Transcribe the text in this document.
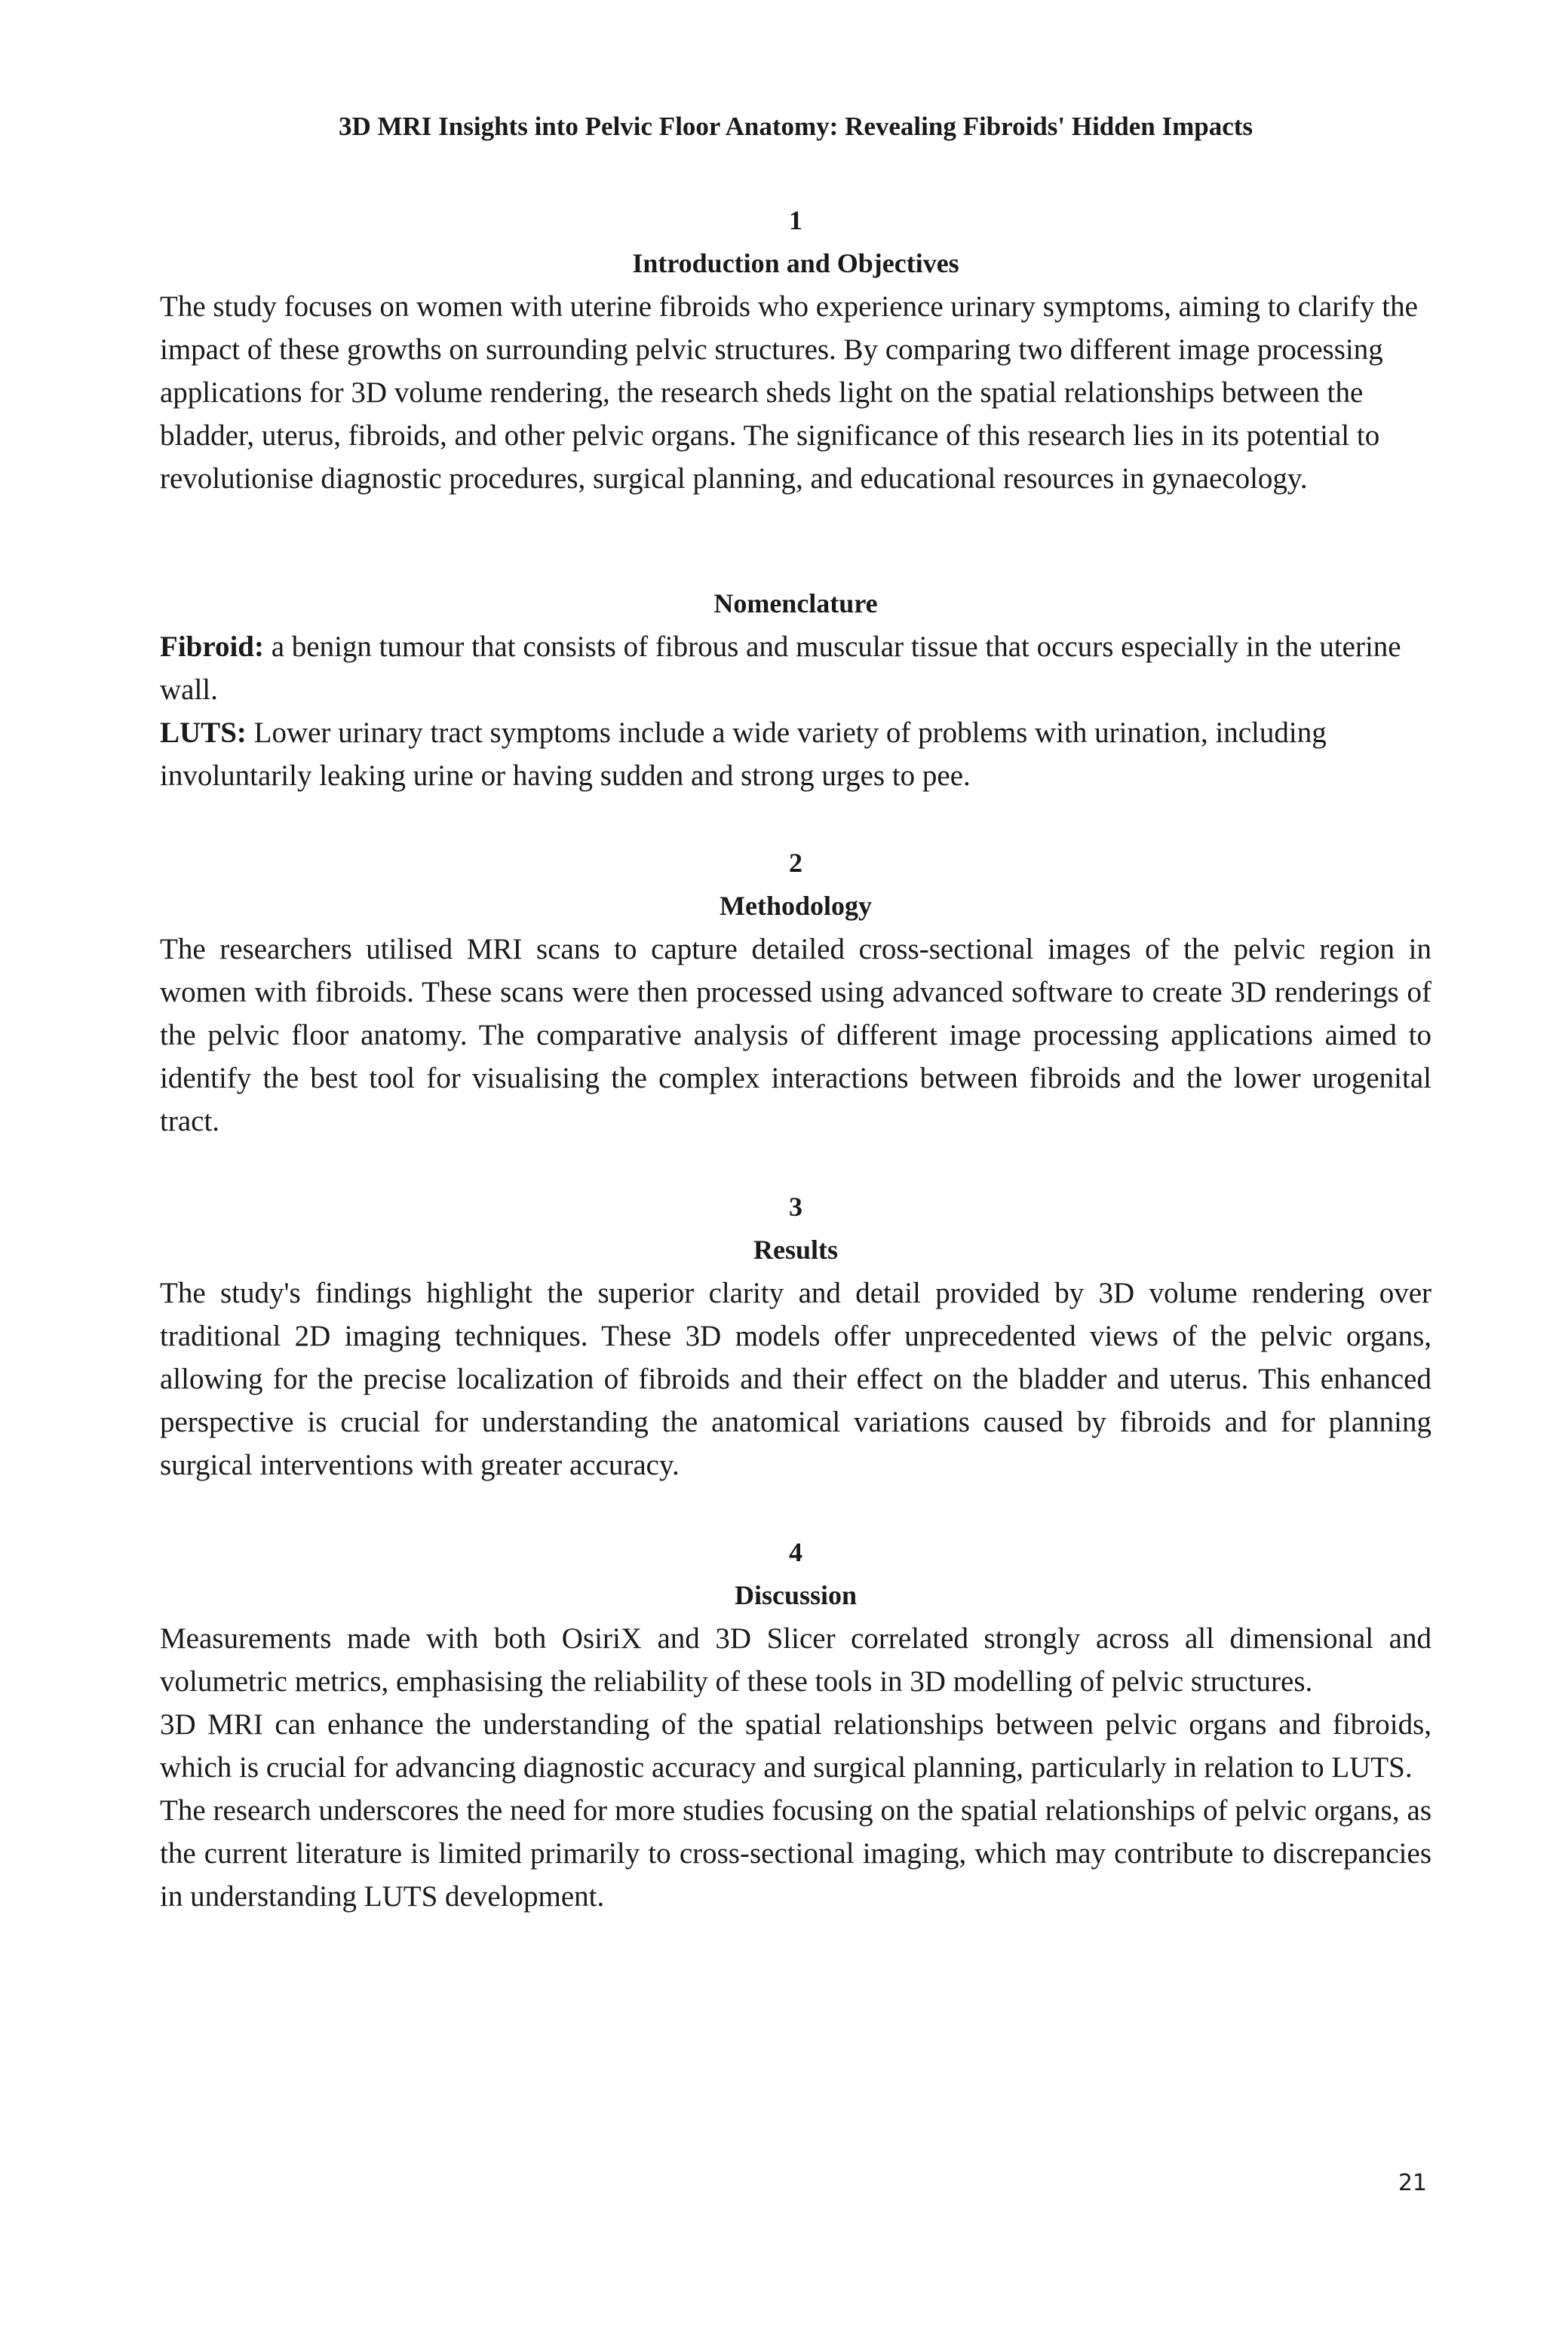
3D MRI Insights into Pelvic Floor Anatomy: Revealing Fibroids' Hidden Impacts

1

Introduction and Objectives

The study focuses on women with uterine fibroids who experience urinary symptoms, aiming to clarify the impact of these growths on surrounding pelvic structures. By comparing two different image processing applications for 3D volume rendering, the research sheds light on the spatial relationships between the bladder, uterus, fibroids, and other pelvic organs. The significance of this research lies in its potential to revolutionise diagnostic procedures, surgical planning, and educational resources in gynaecology.

Nomenclature

Fibroid: a benign tumour that consists of fibrous and muscular tissue that occurs especially in the uterine wall.

LUTS: Lower urinary tract symptoms include a wide variety of problems with urination, including involuntarily leaking urine or having sudden and strong urges to pee.

2

Methodology

The researchers utilised MRI scans to capture detailed cross-sectional images of the pelvic region in women with fibroids. These scans were then processed using advanced software to create 3D renderings of the pelvic floor anatomy. The comparative analysis of different image processing applications aimed to identify the best tool for visualising the complex interactions between fibroids and the lower urogenital tract.

3

Results

The study's findings highlight the superior clarity and detail provided by 3D volume rendering over traditional 2D imaging techniques. These 3D models offer unprecedented views of the pelvic organs, allowing for the precise localization of fibroids and their effect on the bladder and uterus. This enhanced perspective is crucial for understanding the anatomical variations caused by fibroids and for planning surgical interventions with greater accuracy.

4

Discussion

Measurements made with both OsiriX and 3D Slicer correlated strongly across all dimensional and volumetric metrics, emphasising the reliability of these tools in 3D modelling of pelvic structures.

3D MRI can enhance the understanding of the spatial relationships between pelvic organs and fibroids, which is crucial for advancing diagnostic accuracy and surgical planning, particularly in relation to LUTS.

The research underscores the need for more studies focusing on the spatial relationships of pelvic organs, as the current literature is limited primarily to cross-sectional imaging, which may contribute to discrepancies in understanding LUTS development.

21
